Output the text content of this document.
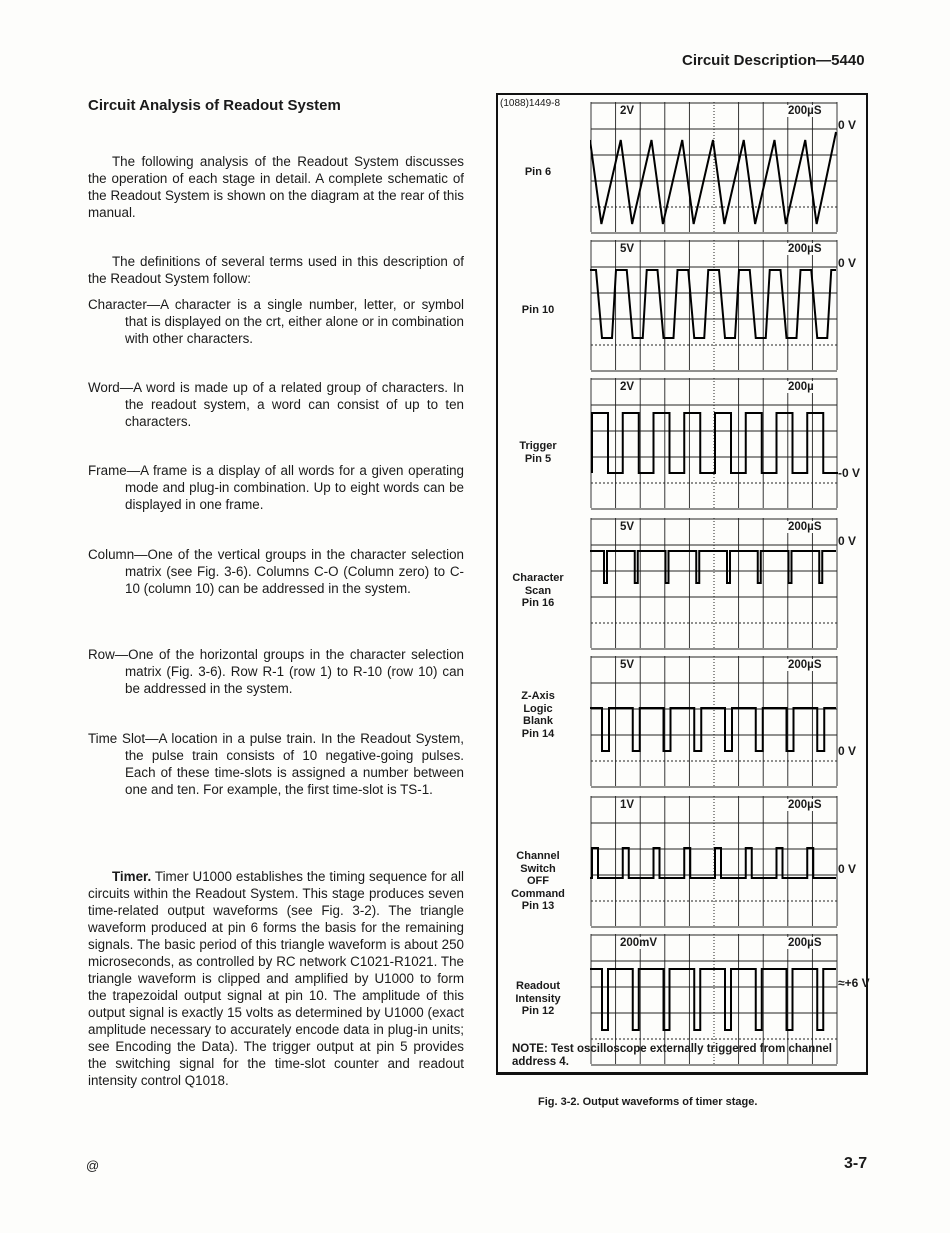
Circuit Description—5440
Circuit Analysis of Readout System
The following analysis of the Readout System discusses the operation of each stage in detail. A complete schematic of the Readout System is shown on the diagram at the rear of this manual.
The definitions of several terms used in this description of the Readout System follow:
Character—A character is a single number, letter, or symbol that is displayed on the crt, either alone or in combination with other characters.
Word—A word is made up of a related group of characters. In the readout system, a word can consist of up to ten characters.
Frame—A frame is a display of all words for a given operating mode and plug-in combination. Up to eight words can be displayed in one frame.
Column—One of the vertical groups in the character selection matrix (see Fig. 3-6). Columns C-O (Column zero) to C-10 (column 10) can be addressed in the system.
Row—One of the horizontal groups in the character selection matrix (Fig. 3-6). Row R-1 (row 1) to R-10 (row 10) can be addressed in the system.
Time Slot—A location in a pulse train. In the Readout System, the pulse train consists of 10 negative-going pulses. Each of these time-slots is assigned a number between one and ten. For example, the first time-slot is TS-1.
Timer. Timer U1000 establishes the timing sequence for all circuits within the Readout System. This stage produces seven time-related output waveforms (see Fig. 3-2). The triangle waveform produced at pin 6 forms the basis for the remaining signals. The basic period of this triangle waveform is about 250 microseconds, as controlled by RC network C1021-R1021. The triangle waveform is clipped and amplified by U1000 to form the trapezoidal output signal at pin 10. The amplitude of this output signal is exactly 15 volts as determined by U1000 (exact amplitude necessary to accurately encode data in plug-in units; see Encoding the Data). The trigger output at pin 5 provides the switching signal for the time-slot counter and readout intensity control Q1018.
(1088)1449-8
Pin 6
2V	200µS
0 V
Pin 10
5V	200µS
0 V
Trigger
Pin 5
2V	200µ
-0 V
Character
Scan
Pin 16
5V	200µS
0 V
Z-Axis
Logic
Blank
Pin 14
5V	200µS
0 V
Channel
Switch
OFF
Command
Pin 13
1V	200µS
0 V
Readout
Intensity
Pin 12
200mV	200µS
≈+6 V
NOTE: Test oscilloscope externally triggered from channel address 4.
Fig. 3-2. Output waveforms of timer stage.
@	3-7
